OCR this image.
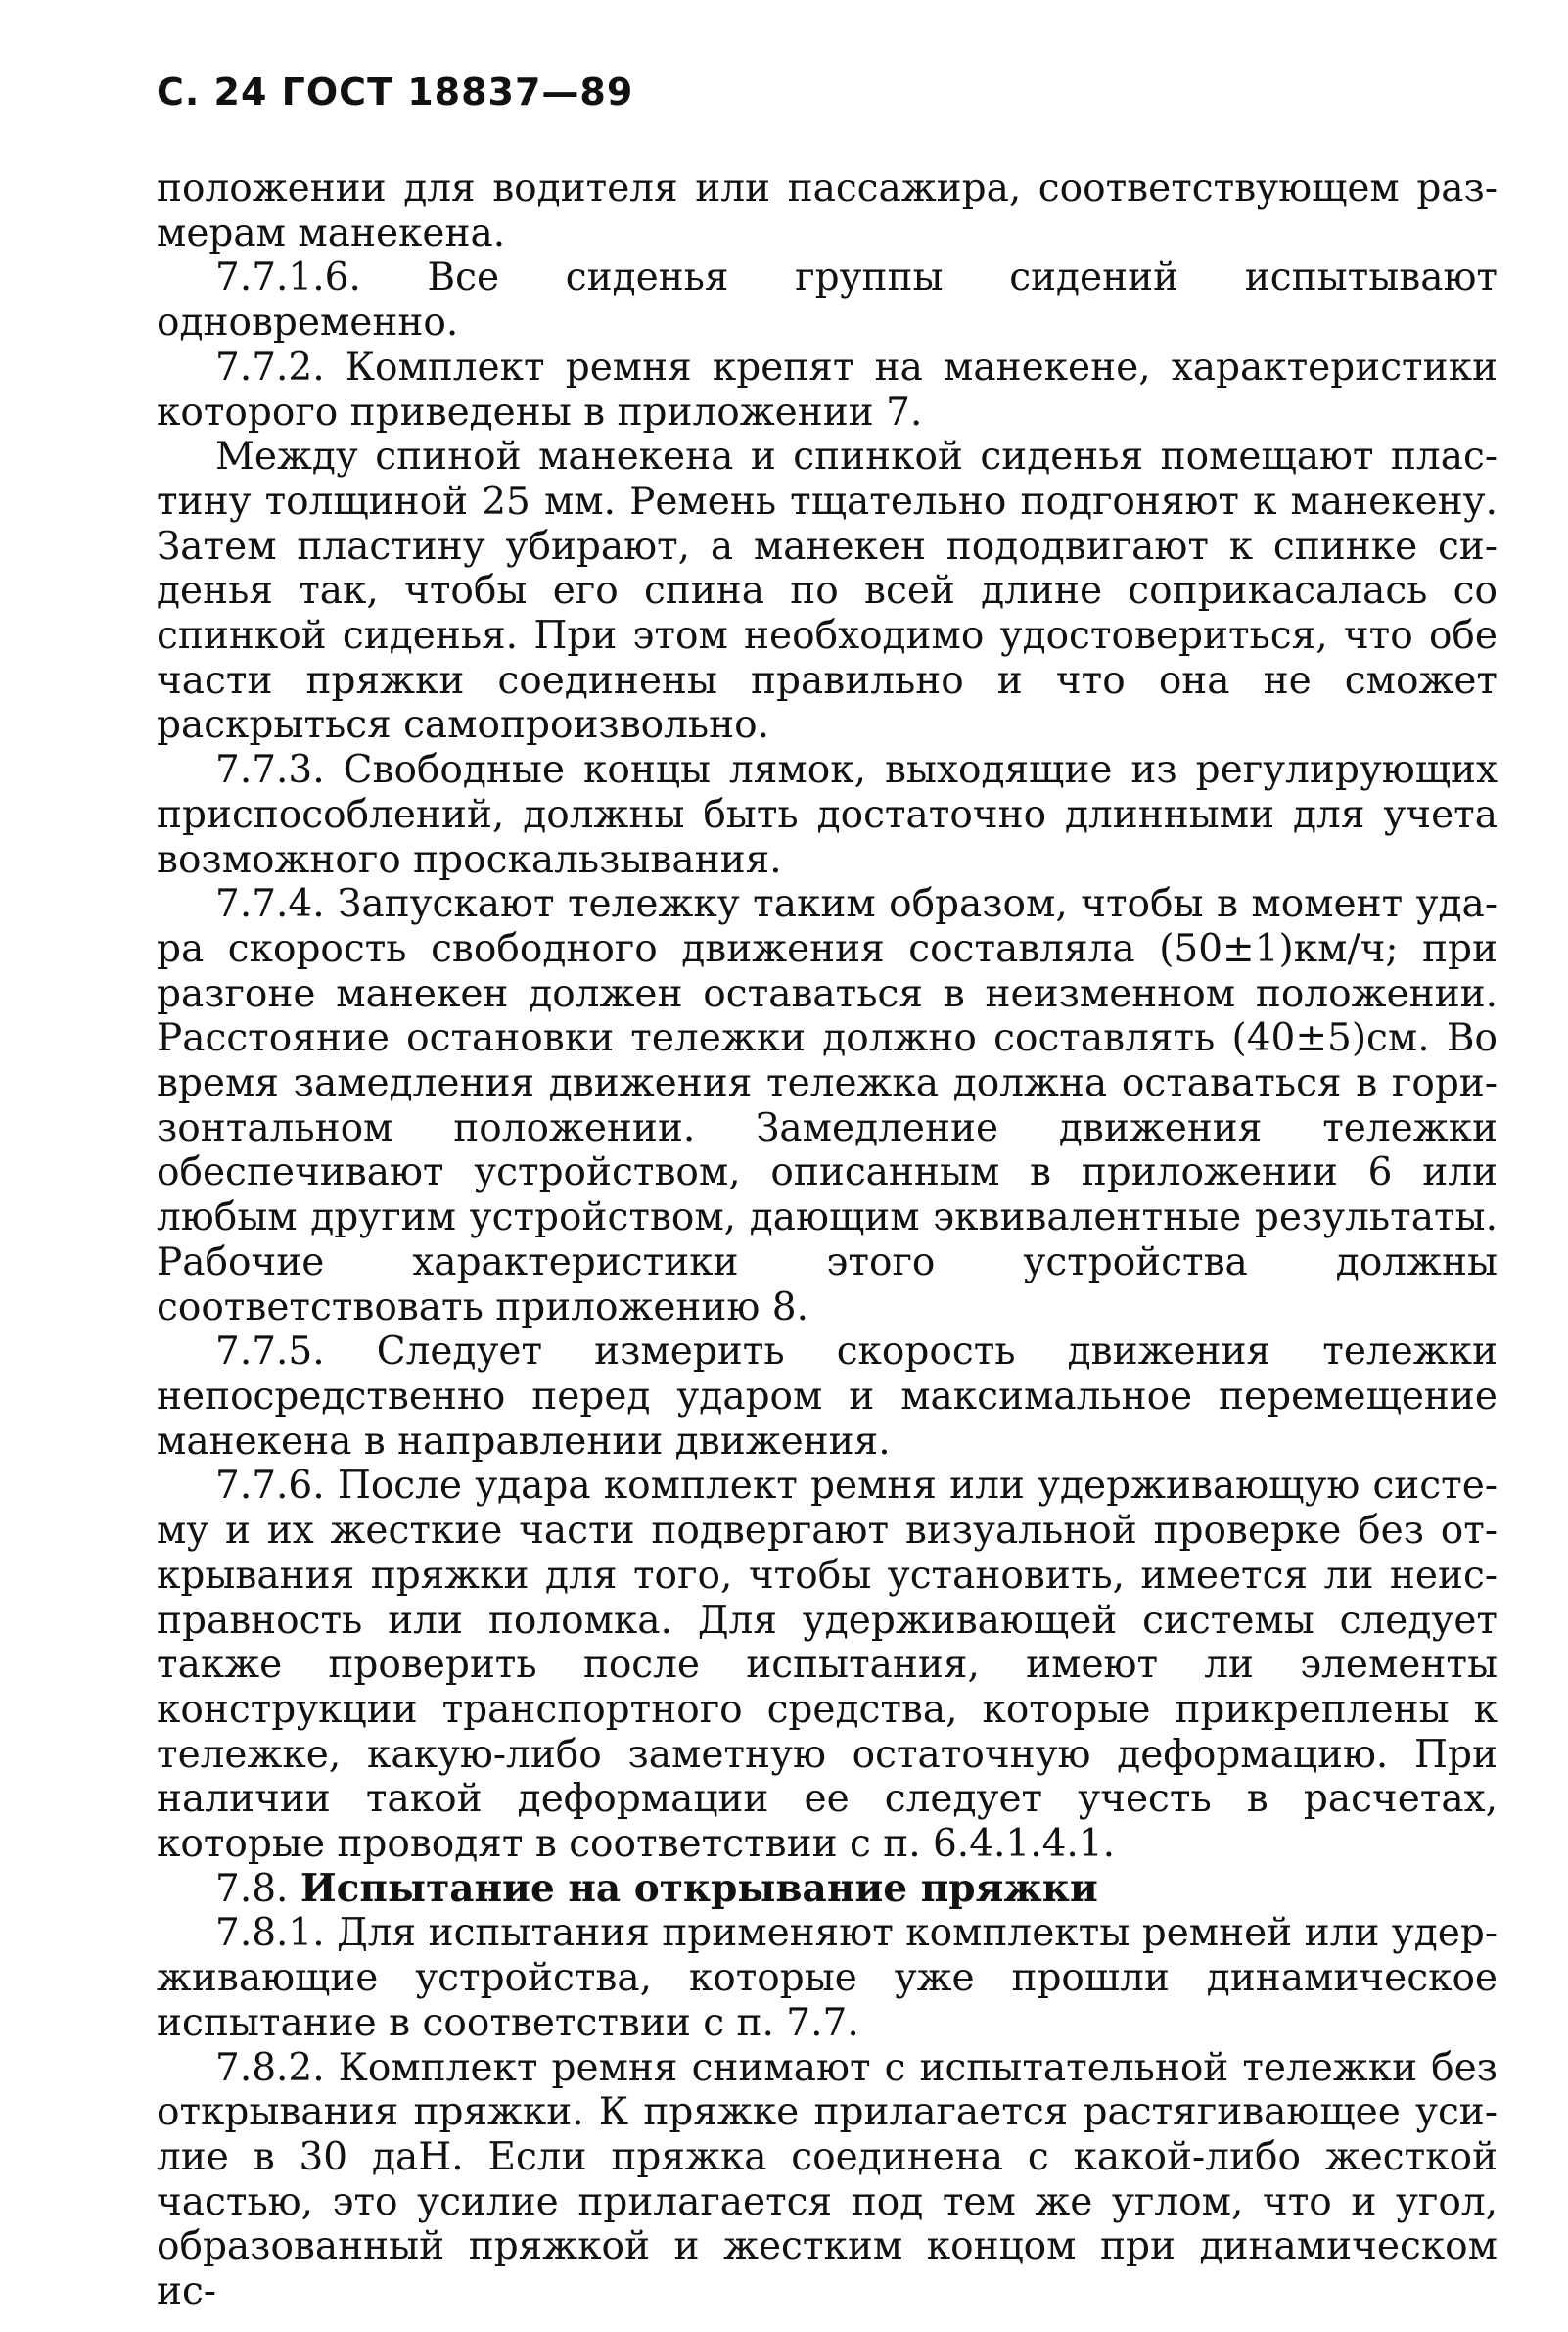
С. 24 ГОСТ 18837—89

положении для водителя или пассажира, соответствующем размерам манекена.

7.7.1.6. Все сиденья группы сидений испытывают одновременно.

7.7.2. Комплект ремня крепят на манекене, характеристики которого приведены в приложении 7.

Между спиной манекена и спинкой сиденья помещают пластину толщиной 25 мм. Ремень тщательно подгоняют к манекену. Затем пластину убирают, а манекен пододвигают к спинке сиденья так, чтобы его спина по всей длине соприкасалась со спинкой сиденья. При этом необходимо удостовериться, что обе части пряжки соединены правильно и что она не сможет раскрыться самопроизвольно.

7.7.3. Свободные концы лямок, выходящие из регулирующих приспособлений, должны быть достаточно длинными для учета возможного проскальзывания.

7.7.4. Запускают тележку таким образом, чтобы в момент удара скорость свободного движения составляла (50±1)км/ч; при разгоне манекен должен оставаться в неизменном положении. Расстояние остановки тележки должно составлять (40±5)см. Во время замедления движения тележка должна оставаться в горизонтальном положении. Замедление движения тележки обеспечивают устройством, описанным в приложении 6 или любым другим устройством, дающим эквивалентные результаты. Рабочие характеристики этого устройства должны соответствовать приложению 8.

7.7.5. Следует измерить скорость движения тележки непосредственно перед ударом и максимальное перемещение манекена в направлении движения.

7.7.6. После удара комплект ремня или удерживающую систему и их жесткие части подвергают визуальной проверке без открывания пряжки для того, чтобы установить, имеется ли неисправность или поломка. Для удерживающей системы следует также проверить после испытания, имеют ли элементы конструкции транспортного средства, которые прикреплены к тележке, какую-либо заметную остаточную деформацию. При наличии такой деформации ее следует учесть в расчетах, которые проводят в соответствии с п. 6.4.1.4.1.

7.8. Испытание на открывание пряжки

7.8.1. Для испытания применяют комплекты ремней или удерживающие устройства, которые уже прошли динамическое испытание в соответствии с п. 7.7.

7.8.2. Комплект ремня снимают с испытательной тележки без открывания пряжки. К пряжке прилагается растягивающее усилие в 30 даН. Если пряжка соединена с какой-либо жесткой частью, это усилие прилагается под тем же углом, что и угол, образованный пряжкой и жестким концом при динамическом ис-
